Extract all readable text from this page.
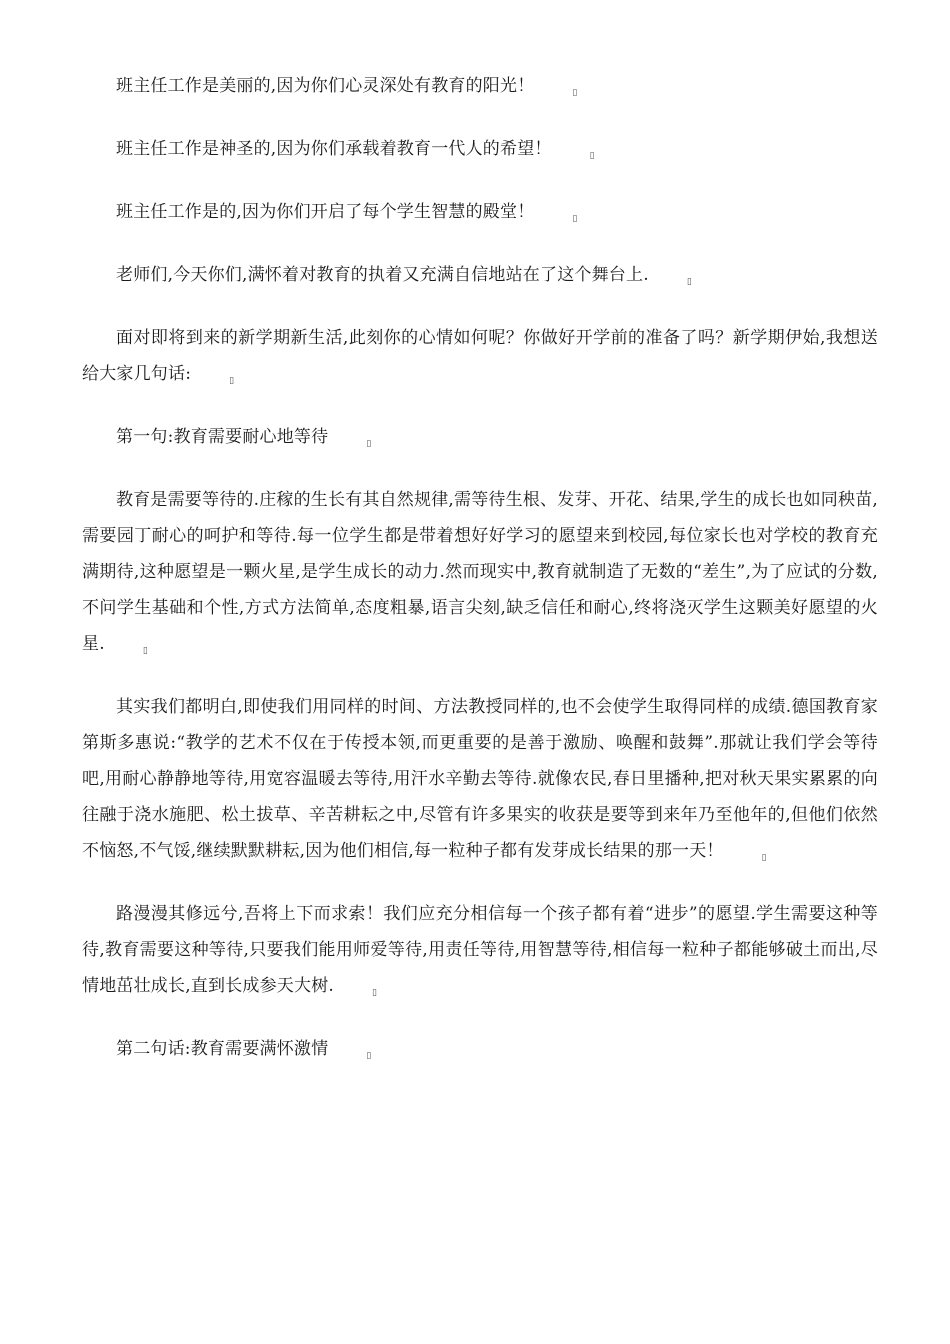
班主任工作是美丽的,因为你们心灵深处有教育的阳光！	▯

班主任工作是神圣的,因为你们承载着教育一代人的希望！	▯

班主任工作是的,因为你们开启了每个学生智慧的殿堂！	▯

老师们,今天你们,满怀着对教育的执着又充满自信地站在了这个舞台上.	▯

面对即将到来的新学期新生活,此刻你的心情如何呢？你做好开学前的准备了吗？新学期伊始,我想送给大家几句话:	▯

第一句:教育需要耐心地等待	▯

教育是需要等待的.庄稼的生长有其自然规律,需等待生根、发芽、开花、结果,学生的成长也如同秧苗,需要园丁耐心的呵护和等待.每一位学生都是带着想好好学习的愿望来到校园,每位家长也对学校的教育充满期待,这种愿望是一颗火星,是学生成长的动力.然而现实中,教育就制造了无数的“差生”,为了应试的分数,不问学生基础和个性,方式方法简单,态度粗暴,语言尖刻,缺乏信任和耐心,终将浇灭学生这颗美好愿望的火星.	▯

其实我们都明白,即使我们用同样的时间、方法教授同样的,也不会使学生取得同样的成绩.德国教育家第斯多惠说:“教学的艺术不仅在于传授本领,而更重要的是善于激励、唤醒和鼓舞”.那就让我们学会等待吧,用耐心静静地等待,用宽容温暖去等待,用汗水辛勤去等待.就像农民,春日里播种,把对秋天果实累累的向往融于浇水施肥、松土拔草、辛苦耕耘之中,尽管有许多果实的收获是要等到来年乃至他年的,但他们依然不恼怒,不气馁,继续默默耕耘,因为他们相信,每一粒种子都有发芽成长结果的那一天！	▯

路漫漫其修远兮,吾将上下而求索！我们应充分相信每一个孩子都有着“进步”的愿望.学生需要这种等待,教育需要这种等待,只要我们能用师爱等待,用责任等待,用智慧等待,相信每一粒种子都能够破土而出,尽情地茁壮成长,直到长成参天大树.	▯

第二句话:教育需要满怀激情	▯
